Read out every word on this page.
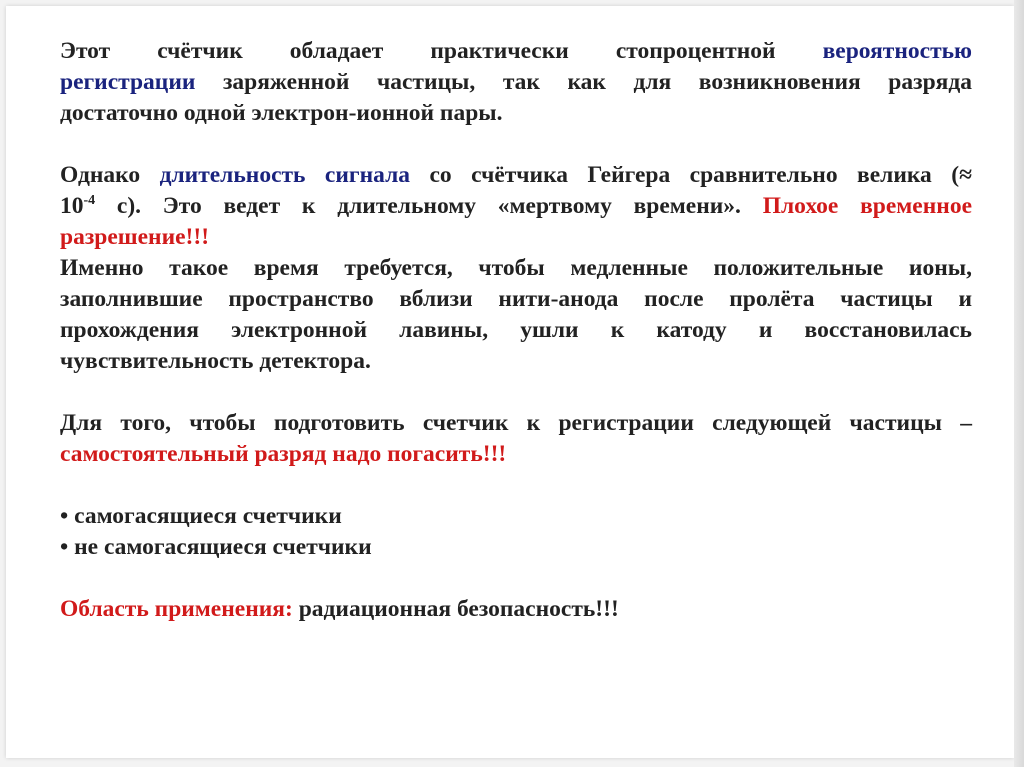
Этот счётчик обладает практически стопроцентной вероятностью
регистрации заряженной частицы, так как для возникновения разряда
достаточно одной электрон-ионной пары.
Однако длительность сигнала со счётчика Гейгера сравнительно велика (≈
$10^{-4}$ с). Это ведет к длительному «мертвому времени». Плохое временное
разрешение!!!
Именно такое время требуется, чтобы медленные положительные ионы,
заполнившие пространство вблизи нити-анода после пролёта частицы и
прохождения электронной лавины, ушли к катоду и восстановилась
чувствительность детектора.
Для того, чтобы подготовить счетчик к регистрации следующей частицы –
самостоятельный разряд надо погасить!!!
• самогасящиеся счетчики
• не самогасящиеся счетчики
Область применения: радиационная безопасность!!!
